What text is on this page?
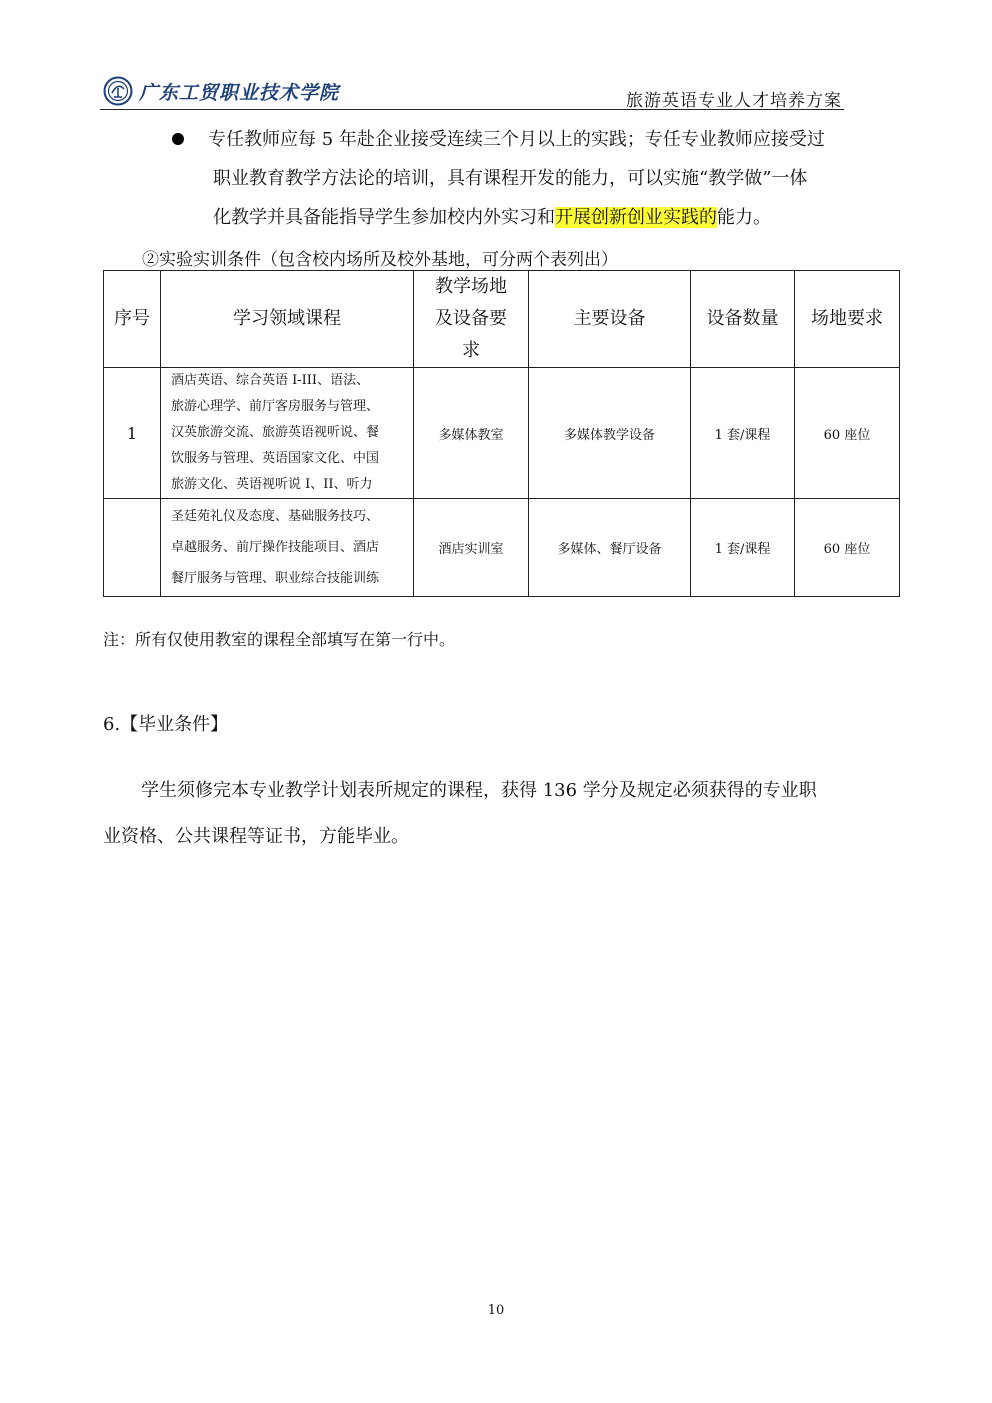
广东工贸职业技术学院	旅游英语专业人才培养方案
专任教师应每 5 年赴企业接受连续三个月以上的实践；专任专业教师应接受过
职业教育教学方法论的培训，具有课程开发的能力，可以实施“教学做”一体
化教学并具备能指导学生参加校内外实习和开展创新创业实践的能力。
②实验实训条件（包含校内场所及校外基地，可分两个表列出）
序号	学习领域课程	教学场地及设备要求	主要设备	设备数量	场地要求
1	酒店英语、综合英语 I-III、语法、
旅游心理学、前厅客房服务与管理、
汉英旅游交流、旅游英语视听说、餐
饮服务与管理、英语国家文化、中国
旅游文化、英语视听说 I、II、听力	多媒体教室	多媒体教学设备	1 套/课程	60 座位

	圣廷苑礼仪及态度、基础服务技巧、
卓越服务、前厅操作技能项目、酒店
餐厅服务与管理、职业综合技能训练	酒店实训室	多媒体、餐厅设备	1 套/课程	60 座位
注：所有仅使用教室的课程全部填写在第一行中。
6.【毕业条件】
学生须修完本专业教学计划表所规定的课程，获得 136 学分及规定必须获得的专业职
业资格、公共课程等证书，方能毕业。
10
